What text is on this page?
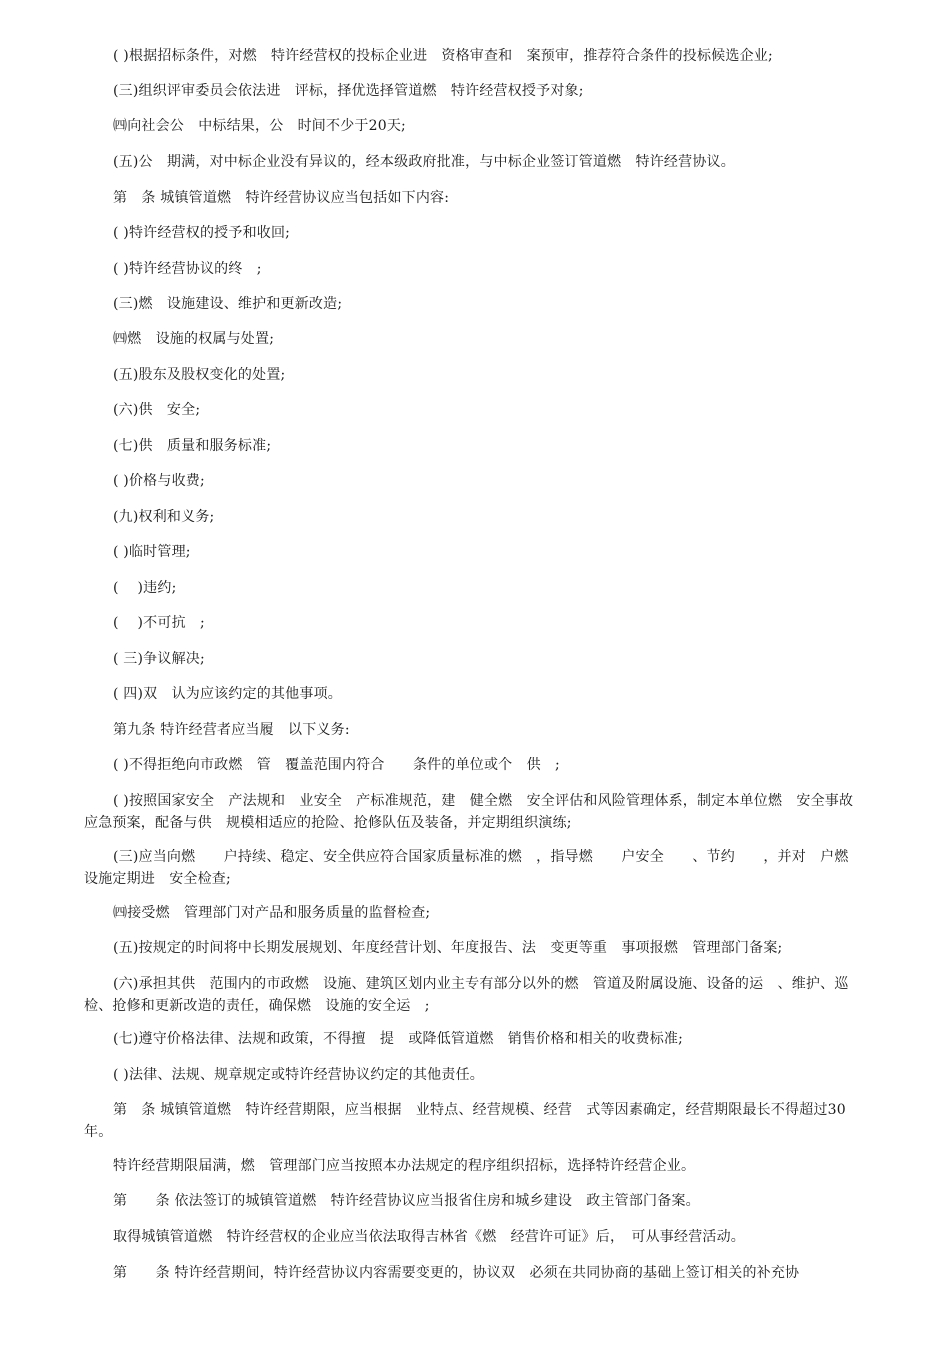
( )根据招标条件，对燃　特许经营权的投标企业进　资格审查和　案预审，推荐符合条件的投标候选企业;

(三)组织评审委员会依法进　评标，择优选择管道燃　特许经营权授予对象;

㈣向社会公　中标结果，公　时间不少于20天;

(五)公　期满，对中标企业没有异议的，经本级政府批准，与中标企业签订管道燃　特许经营协议。

第　条 城镇管道燃　特许经营协议应当包括如下内容:

( )特许经营权的授予和收回;

( )特许经营协议的终　;

(三)燃　设施建设、维护和更新改造;

㈣燃　设施的权属与处置;

(五)股东及股权变化的处置;

(六)供　安全;

(七)供　质量和服务标准;

( )价格与收费;

(九)权利和义务;

( )临时管理;

(　 )违约;

(　 )不可抗　;

( 三)争议解决;

( 四)双　认为应该约定的其他事项。

第九条 特许经营者应当履　以下义务:

( )不得拒绝向市政燃　管　覆盖范围内符合　　条件的单位或个　供　;

( )按照国家安全　产法规和　业安全　产标准规范，建　健全燃　安全评估和风险管理体系，制定本单位燃　安全事故应急预案，配备与供　规模相适应的抢险、抢修队伍及装备，并定期组织演练;

(三)应当向燃　　户持续、稳定、安全供应符合国家质量标准的燃　，指导燃　　户安全　　、节约　　，并对　户燃　设施定期进　安全检查;

㈣接受燃　管理部门对产品和服务质量的监督检查;

(五)按规定的时间将中长期发展规划、年度经营计划、年度报告、法　变更等重　事项报燃　管理部门备案;

(六)承担其供　范围内的市政燃　设施、建筑区划内业主专有部分以外的燃　管道及附属设施、设备的运　、维护、巡检、抢修和更新改造的责任，确保燃　设施的安全运　;

(七)遵守价格法律、法规和政策，不得擅　提　或降低管道燃　销售价格和相关的收费标准;

( )法律、法规、规章规定或特许经营协议约定的其他责任。

第　条 城镇管道燃　特许经营期限，应当根据　业特点、经营规模、经营　式等因素确定，经营期限最长不得超过30年。

特许经营期限届满，燃　管理部门应当按照本办法规定的程序组织招标，选择特许经营企业。

第　　条 依法签订的城镇管道燃　特许经营协议应当报省住房和城乡建设　政主管部门备案。

取得城镇管道燃　特许经营权的企业应当依法取得吉林省《燃　经营许可证》后，　可从事经营活动。

第　　条 特许经营期间，特许经营协议内容需要变更的，协议双　必须在共同协商的基础上签订相关的补充协
